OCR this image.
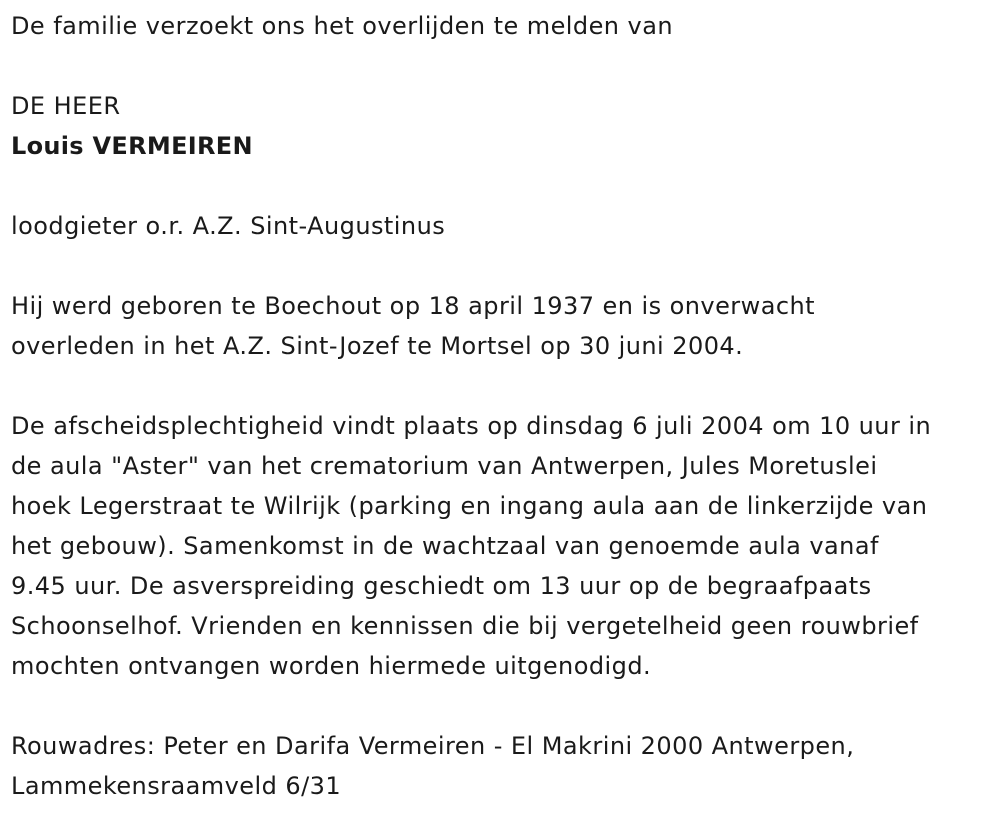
De familie verzoekt ons het overlijden te melden van
DE HEER
Louis VERMEIREN
loodgieter o.r. A.Z. Sint-Augustinus
Hij werd geboren te Boechout op 18 april 1937 en is onverwacht
overleden in het A.Z. Sint-Jozef te Mortsel op 30 juni 2004.
De afscheidsplechtigheid vindt plaats op dinsdag 6 juli 2004 om 10 uur in
de aula "Aster" van het crematorium van Antwerpen, Jules Moretuslei
hoek Legerstraat te Wilrijk (parking en ingang aula aan de linkerzijde van
het gebouw). Samenkomst in de wachtzaal van genoemde aula vanaf
9.45 uur. De asverspreiding geschiedt om 13 uur op de begraafpaats
Schoonselhof. Vrienden en kennissen die bij vergetelheid geen rouwbrief
mochten ontvangen worden hiermede uitgenodigd.
Rouwadres: Peter en Darifa Vermeiren - El Makrini 2000 Antwerpen,
Lammekensraamveld 6/31
